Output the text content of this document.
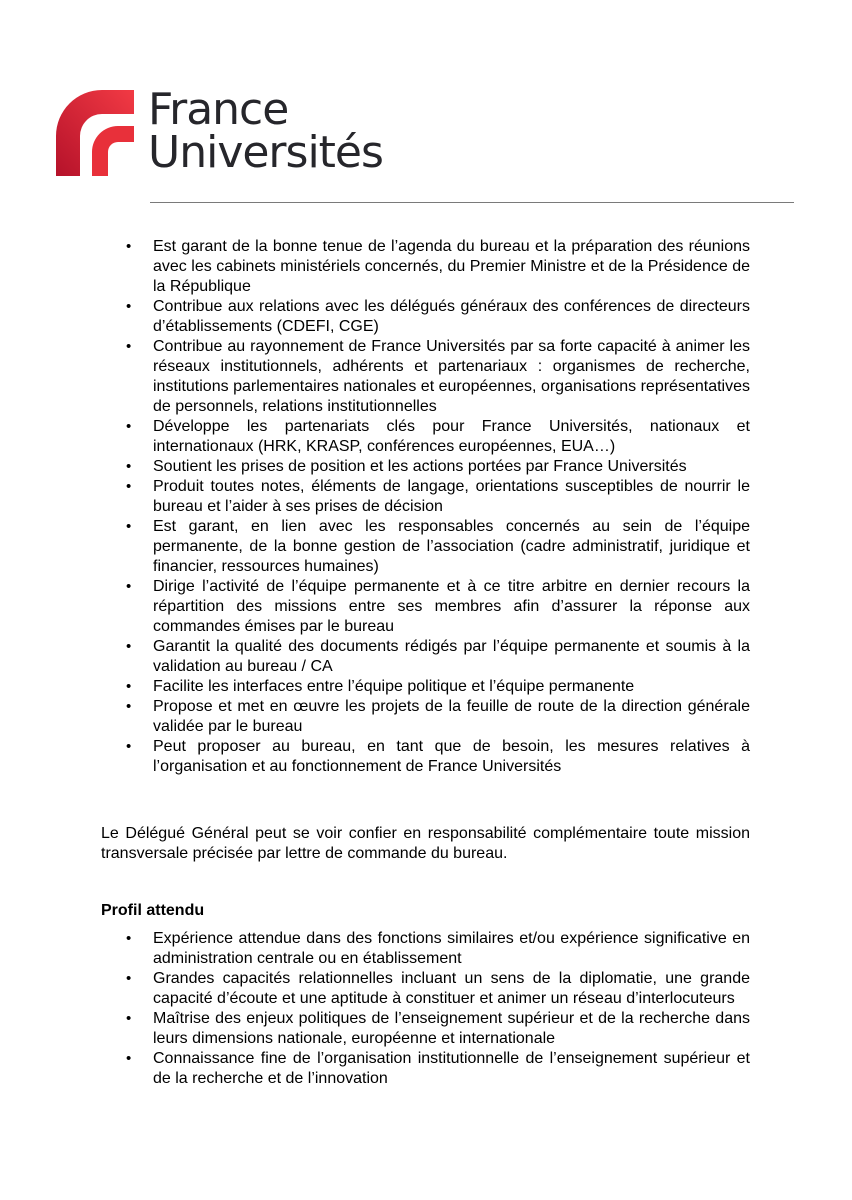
France
Universités
•	Est garant de la bonne tenue de l’agenda du bureau et la préparation des réunions avec les cabinets ministériels concernés, du Premier Ministre et de la Présidence de la République
•	Contribue aux relations avec les délégués généraux des conférences de directeurs d’établissements (CDEFI, CGE)
•	Contribue au rayonnement de France Universités par sa forte capacité à animer les réseaux institutionnels, adhérents et partenariaux : organismes de recherche, institutions parlementaires nationales et européennes, organisations représentatives de personnels, relations institutionnelles
•	Développe les partenariats clés pour France Universités, nationaux et internationaux (HRK, KRASP, conférences européennes, EUA…)
•	Soutient les prises de position et les actions portées par France Universités
•	Produit toutes notes, éléments de langage, orientations susceptibles de nourrir le bureau et l’aider à ses prises de décision
•	Est garant, en lien avec les responsables concernés au sein de l’équipe permanente, de la bonne gestion de l’association (cadre administratif, juridique et financier, ressources humaines)
•	Dirige l’activité de l’équipe permanente et à ce titre arbitre en dernier recours la répartition des missions entre ses membres afin d’assurer la réponse aux commandes émises par le bureau
•	Garantit la qualité des documents rédigés par l’équipe permanente et soumis à la validation au bureau / CA
•	Facilite les interfaces entre l’équipe politique et l’équipe permanente
•	Propose et met en œuvre les projets de la feuille de route de la direction générale validée par le bureau
•	Peut proposer au bureau, en tant que de besoin, les mesures relatives à l’organisation et au fonctionnement de France Universités

Le Délégué Général peut se voir confier en responsabilité complémentaire toute mission transversale précisée par lettre de commande du bureau.

Profil attendu
•	Expérience attendue dans des fonctions similaires et/ou expérience significative en administration centrale ou en établissement
•	Grandes capacités relationnelles incluant un sens de la diplomatie, une grande capacité d’écoute et une aptitude à constituer et animer un réseau d’interlocuteurs
•	Maîtrise des enjeux politiques de l’enseignement supérieur et de la recherche dans leurs dimensions nationale, européenne et internationale
•	Connaissance fine de l’organisation institutionnelle de l’enseignement supérieur et de la recherche et de l’innovation
